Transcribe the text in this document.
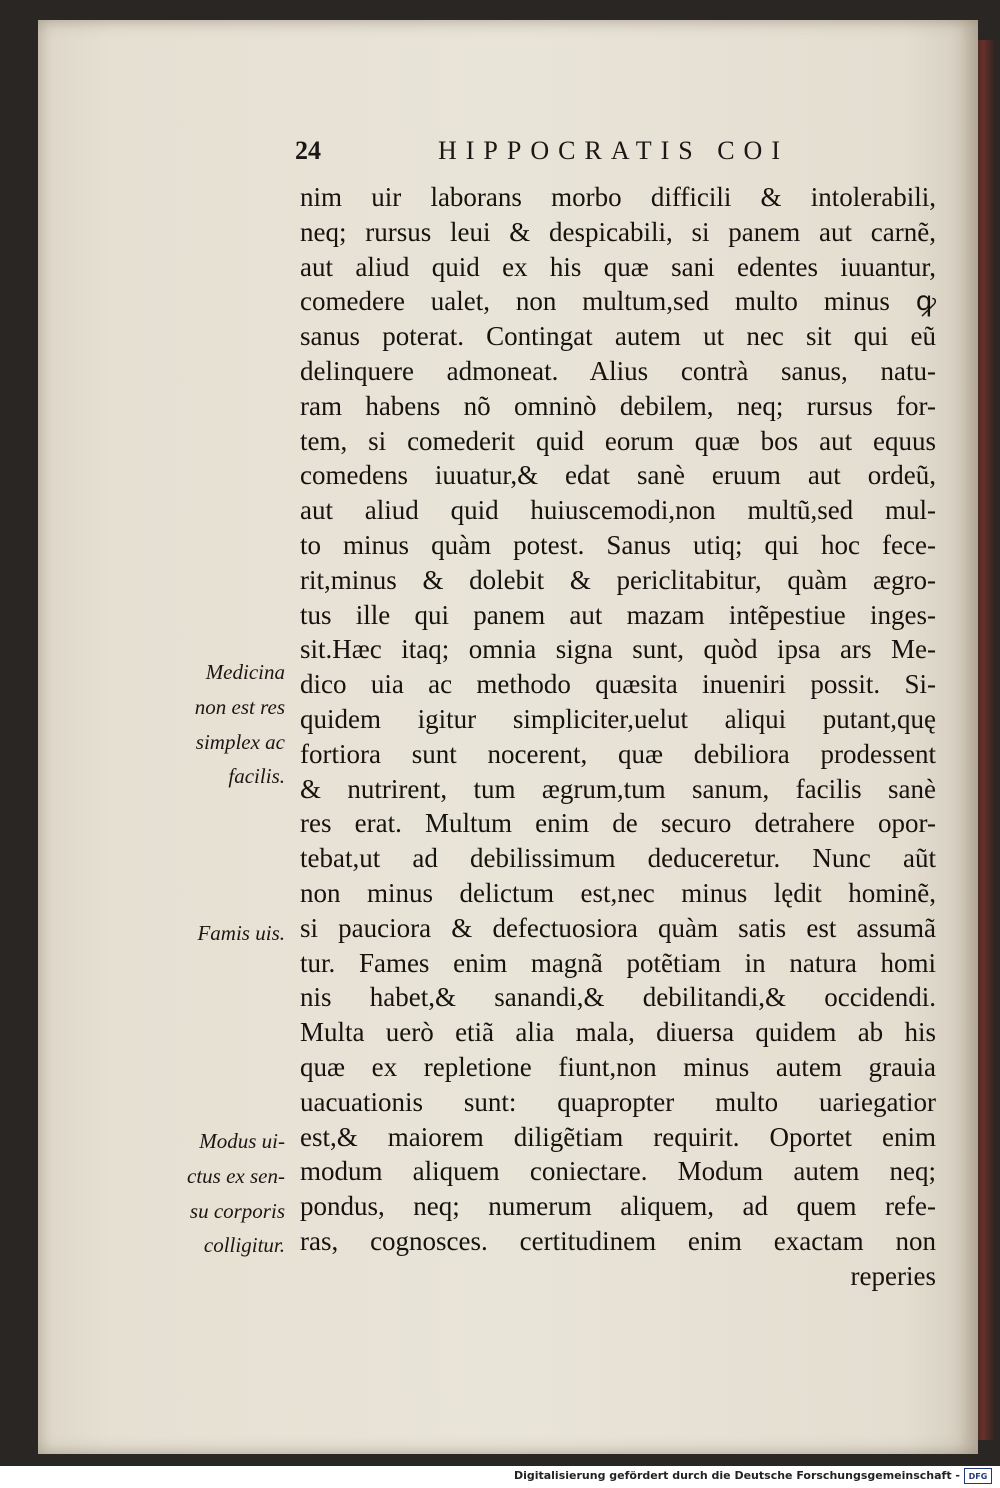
24	HIPPOCRATIS COI
nim uir laborans morbo difficili & intolerabili,
neq; rursus leui & despicabili, si panem aut carnẽ,
aut aliud quid ex his quæ sani edentes iuuantur,
comedere ualet, non multum,sed multo minus ꝙ
sanus poterat. Contingat autem ut nec sit qui eũ
delinquere admoneat. Alius contrà sanus, natu-
ram habens nõ omninò debilem, neq; rursus for-
tem, si comederit quid eorum quæ bos aut equus
comedens iuuatur,& edat sanè eruum aut ordeũ,
aut aliud quid huiuscemodi,non multũ,sed mul-
to minus quàm potest. Sanus utiq; qui hoc fece-
rit,minus & dolebit & periclitabitur, quàm ægro-
tus ille qui panem aut mazam intẽpestiue inges-
sit.Hæc itaq; omnia signa sunt, quòd ipsa ars Me-
dico uia ac methodo quæsita inueniri possit. Si-
quidem igitur simpliciter,uelut aliqui putant,quę
fortiora sunt nocerent, quæ debiliora prodessent
& nutrirent, tum ægrum,tum sanum, facilis sanè
res erat. Multum enim de securo detrahere opor-
tebat,ut ad debilissimum deduceretur. Nunc aũt
non minus delictum est,nec minus lędit hominẽ,
si pauciora & defectuosiora quàm satis est assumã
tur. Fames enim magnã potẽtiam in natura homi
nis habet,& sanandi,& debilitandi,& occidendi.
Multa uerò etiã alia mala, diuersa quidem ab his
quæ ex repletione fiunt,non minus autem grauia
uacuationis sunt: quapropter multo uariegatior
est,& maiorem diligẽtiam requirit. Oportet enim
modum aliquem coniectare. Modum autem neq;
pondus, neq; numerum aliquem, ad quem refe-
ras, cognosces. certitudinem enim exactam non
reperies
Medicina
non est res
simplex ac
facilis.
Famis uis.
Modus ui-
ctus ex sen-
su corporis
colligitur.
Digitalisierung gefördert durch die Deutsche Forschungsgemeinschaft -	DFG
